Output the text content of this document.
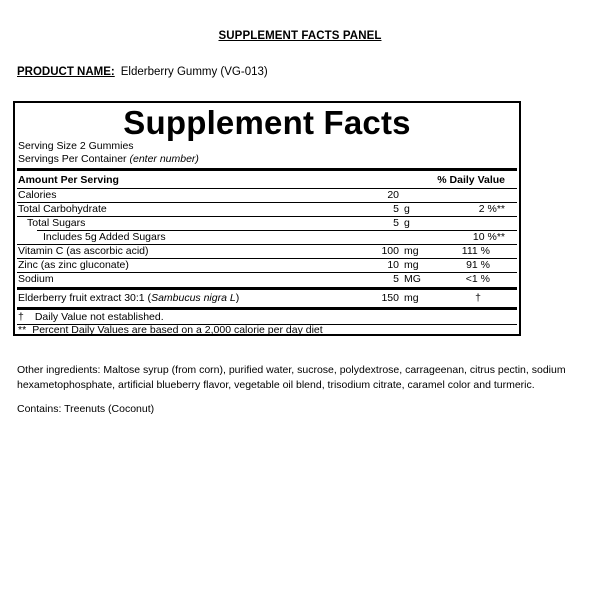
SUPPLEMENT FACTS PANEL
PRODUCT NAME: Elderberry Gummy (VG-013)
Supplement Facts
Serving Size 2 Gummies
Servings Per Container (enter number)
Amount Per Serving	% Daily Value
Calories	20
Total Carbohydrate	5 g	2 %**
Total Sugars	5 g
Includes 5g Added Sugars	10 %**
Vitamin C (as ascorbic acid)	100 mg	111 %
Zinc (as zinc gluconate)	10 mg	91 %
Sodium	5 MG	<1 %
Elderberry fruit extract 30:1 (Sambucus nigra L)	150 mg	†
† Daily Value not established.
** Percent Daily Values are based on a 2,000 calorie per day diet
Other ingredients: Maltose syrup (from corn), purified water, sucrose, polydextrose, carrageenan, citrus pectin, sodium hexametophosphate, artificial blueberry flavor, vegetable oil blend, trisodium citrate, caramel color and turmeric.
Contains: Treenuts (Coconut)
